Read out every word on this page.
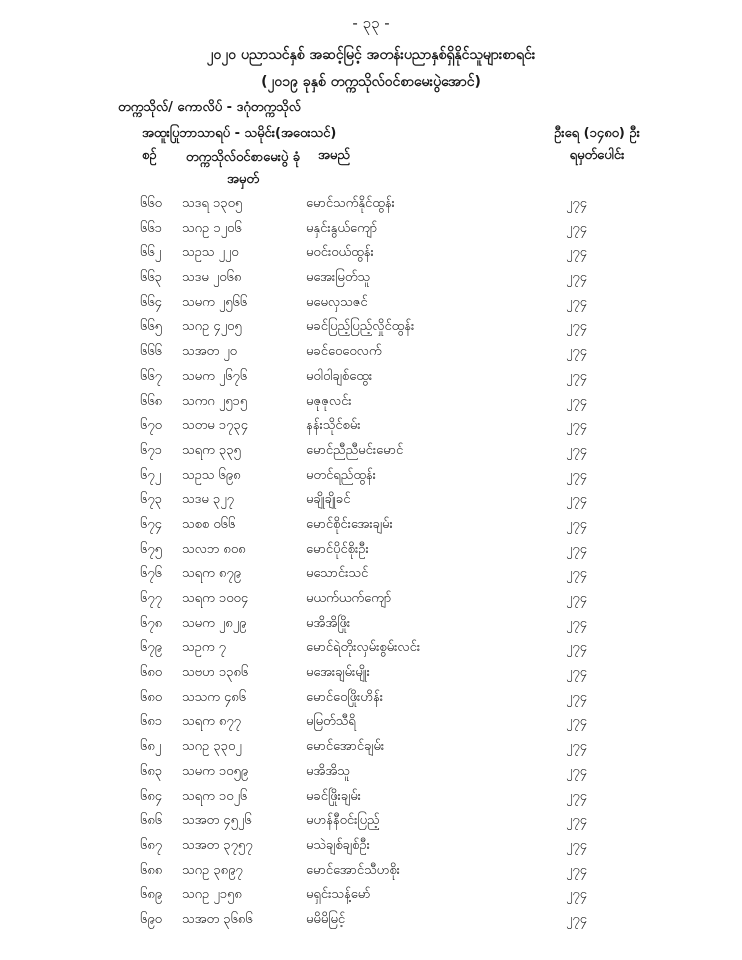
- ၃၃ -
၂၀၂၀ ပညာသင်နှစ် အဆင့်မြင့် အတန်းပညာနှစ်ရှိနိုင်သူများစာရင်း
(၂၀၁၉ ခုနှစ် တက္ကသိုလ်ဝင်စာမေးပွဲအောင်)
တက္ကသိုလ်/ ကောလိပ် - ဒဂုံတက္ကသိုလ်
အထူးပြုဘာသာရပ် - သမိုင်း(အဝေးသင်)	ဦးရေ (၁၄၈၀) ဦး
စဉ်	တက္ကသိုလ်ဝင်စာမေးပွဲ ခုံအမှတ်
အမည်	ရမှတ်ပေါင်း
၆၆၀ သဒရ ၁၃၀၅	မောင်သက်နိုင်ထွန်း	၂၇၄
၆၆၁ သဂဥ ၁၂၀၆	မနှင်းနွယ်ကျော်	၂၇၄
၆၆၂ သဥသ ၂၂၀	မဝင်းဝယ်ထွန်း	၂၇၄
၆၆၃ သဒမ ၂၀၆၈	မအေးမြတ်သူ	၂၇၄
၆၆၄ သမက ၂၅၆၆	မမေလှသဇင်	၂၇၄
၆၆၅ သဂဥ ၄၂၀၅	မခင်ပြည့်ပြည့်လှိုင်ထွန်း	၂၇၄
၆၆၆ သအတ ၂၀	မခင်ဝေဝေလက်	၂၇၄
၆၆၇ သမက ၂၆၇၆	မဝါဝါချစ်ထွေး	၂၇၄
၆၆၈ သကဂ ၂၅၁၅	မဇုဇုလင်း	၂၇၄
၆၇၀ သတမ ၁၇၃၄	နန်းသိုင်စမ်း	၂၇၄
၆၇၁ သရက ၃၃၅	မောင်ညီညီမင်းမောင်	၂၇၄
၆၇၂ သဥသ ၆၉၈	မတင်ရည်ထွန်း	၂၇၄
၆၇၃ သဒမ ၃၂၇	မချိုချိုခင်	၂၇၄
၆၇၄ သစစ ၀၆၆	မောင်စိုင်းအေးချမ်း	၂၇၄
၆၇၅ သလဘ ၈၀၈	မောင်ပိုင်စိုးဦး	၂၇၄
၆၇၆ သရက ၈၇၉	မသောင်းသင်	၂၇၄
၆၇၇ သရက ၁၀၀၄	မယက်ယက်ကျော်	၂၇၄
၆၇၈ သမက ၂၈၂၉	မအိအိဖြိုး	၂၇၄
၆၇၉ သဥက ၇	မောင်ရဲတိုးလှမ်းစွမ်းလင်း	၂၇၄
၆၈၀ သဗဟ ၁၃၈၆	မအေးချမ်းမျိုး	၂၇၄
၆၈၀ သသက ၄၈၆	မောင်ဝေဖြိုးဟိန်း	၂၇၄
၆၈၁ သရက ၈၇၇	မမြတ်သီရိ	၂၇၄
၆၈၂ သဂဥ ၃၃၀၂	မောင်အောင်ချမ်း	၂၇၄
၆၈၃ သမက ၁၀၅၉	မအိအိသူ	၂၇၄
၆၈၄ သရက ၁၀၂၆	မခင်ဖြိုးချမ်း	၂၇၄
၆၈၆ သအတ ၄၅၂၆	မဟန်နီဝင်းပြည့်	၂၇၄
၆၈၇ သအတ ၃၇၅၇	မသဲချစ်ချစ်ဦး	၂၇၄
၆၈၈ သဂဥ ၃၈၉၇	မောင်အောင်သီဟစိုး	၂၇၄
၆၈၉ သဂဥ ၂၁၅၈	မရှင်းသန့်မော်	၂၇၄
၆၉၀ သအတ ၃၆၈၆	မမိမိမြင့်	၂၇၄
